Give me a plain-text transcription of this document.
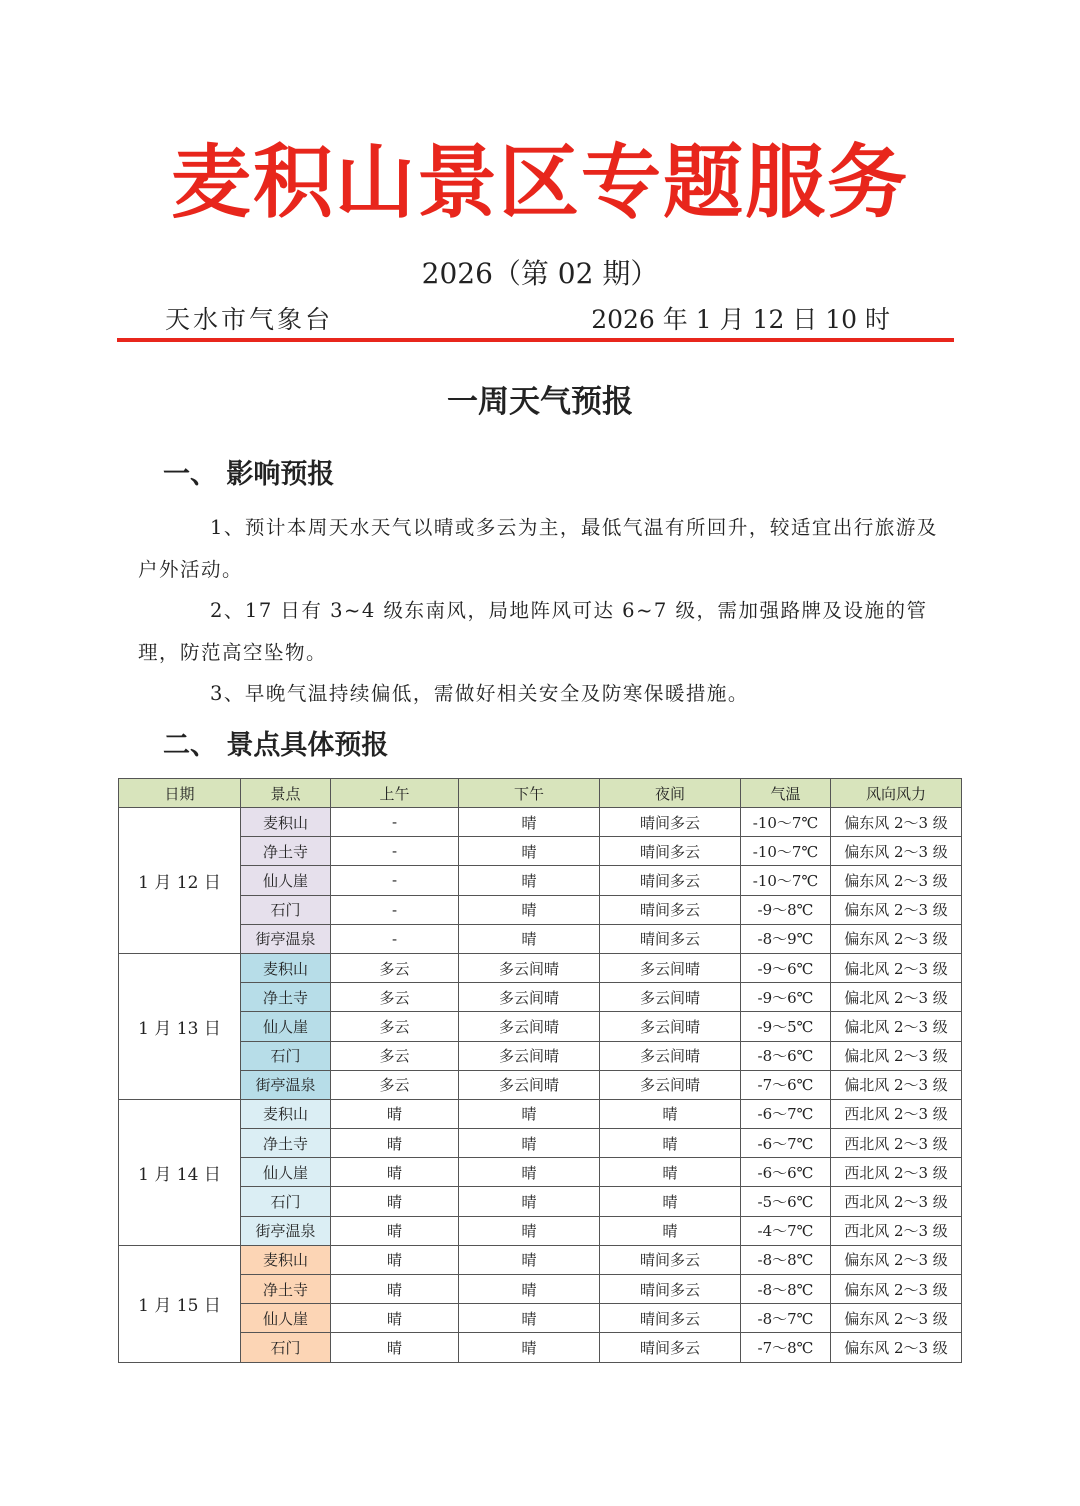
麦积山景区专题服务
2026（第 02 期）
天水市气象台	2026 年 1 月 12 日 10 时
一周天气预报
一、 影响预报
1、预计本周天水天气以晴或多云为主，最低气温有所回升，较适宜出行旅游及户外活动。
2、17 日有 3~4 级东南风，局地阵风可达 6~7 级，需加强路牌及设施的管理，防范高空坠物。
3、早晚气温持续偏低，需做好相关安全及防寒保暖措施。
二、 景点具体预报
日期	景点	上午	下午	夜间	气温	风向风力
1 月 12 日	麦积山	-	晴	晴间多云	-10～7℃	偏东风 2～3 级
	净土寺	-	晴	晴间多云	-10～7℃	偏东风 2～3 级
	仙人崖	-	晴	晴间多云	-10～7℃	偏东风 2～3 级
	石门	-	晴	晴间多云	-9～8℃	偏东风 2～3 级
	街亭温泉	-	晴	晴间多云	-8～9℃	偏东风 2～3 级
1 月 13 日	麦积山	多云	多云间晴	多云间晴	-9～6℃	偏北风 2～3 级
	净土寺	多云	多云间晴	多云间晴	-9～6℃	偏北风 2～3 级
	仙人崖	多云	多云间晴	多云间晴	-9～5℃	偏北风 2～3 级
	石门	多云	多云间晴	多云间晴	-8～6℃	偏北风 2～3 级
	街亭温泉	多云	多云间晴	多云间晴	-7～6℃	偏北风 2～3 级
1 月 14 日	麦积山	晴	晴	晴	-6～7℃	西北风 2～3 级
	净土寺	晴	晴	晴	-6～7℃	西北风 2～3 级
	仙人崖	晴	晴	晴	-6～6℃	西北风 2～3 级
	石门	晴	晴	晴	-5～6℃	西北风 2～3 级
	街亭温泉	晴	晴	晴	-4～7℃	西北风 2～3 级
1 月 15 日	麦积山	晴	晴	晴间多云	-8～8℃	偏东风 2～3 级
	净土寺	晴	晴	晴间多云	-8～8℃	偏东风 2～3 级
	仙人崖	晴	晴	晴间多云	-8～7℃	偏东风 2～3 级
	石门	晴	晴	晴间多云	-7～8℃	偏东风 2～3 级
